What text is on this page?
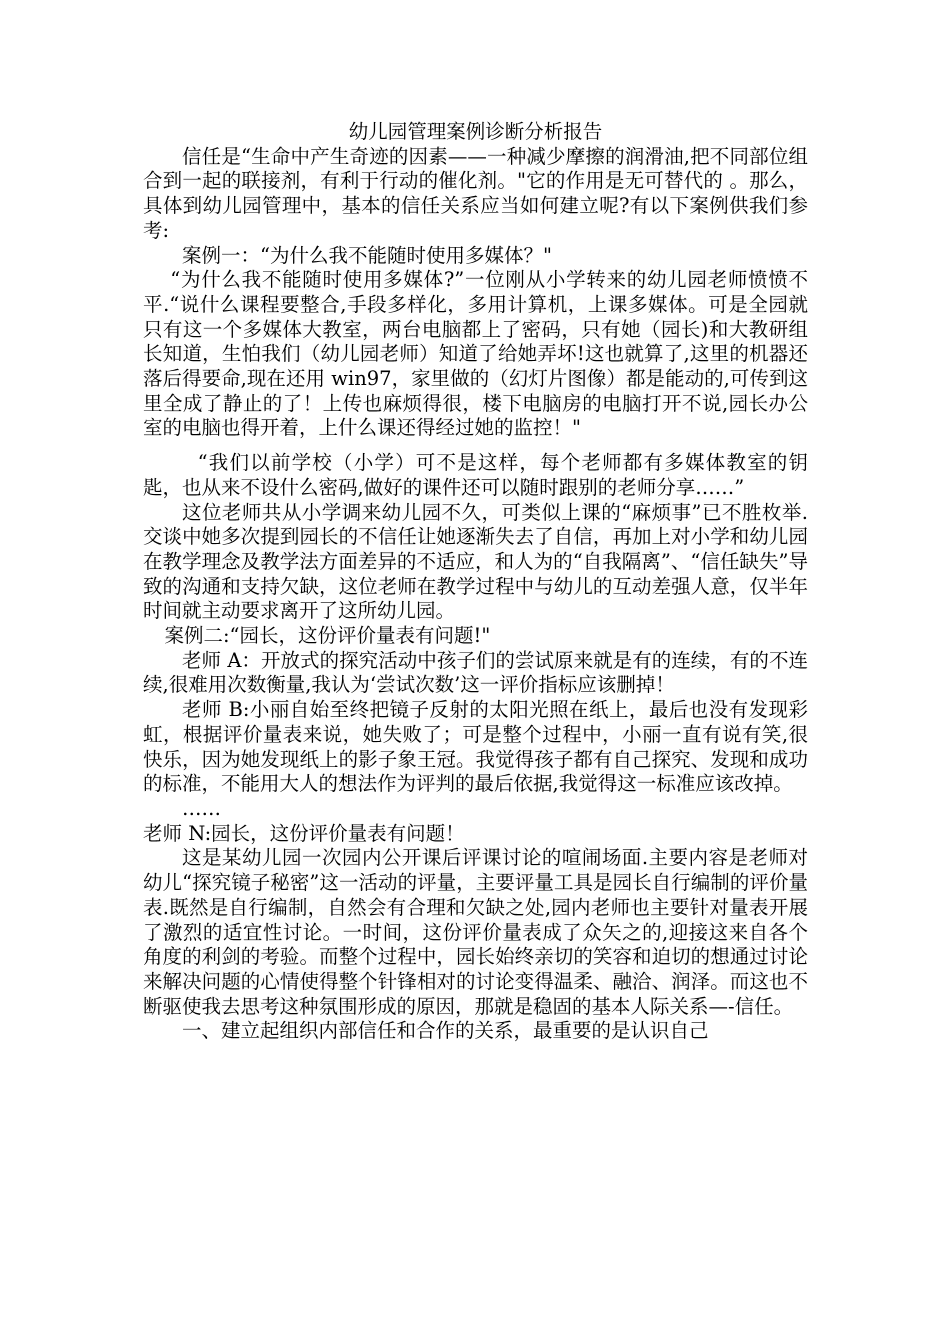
幼儿园管理案例诊断分析报告

信任是“生命中产生奇迹的因素——一种减少摩擦的润滑油,把不同部位组合到一起的联接剂，有利于行动的催化剂。"它的作用是无可替代的 。那么，具体到幼儿园管理中，基本的信任关系应当如何建立呢?有以下案例供我们参考:

案例一：“为什么我不能随时使用多媒体？"

“为什么我不能随时使用多媒体?”一位刚从小学转来的幼儿园老师愤愤不平.“说什么课程要整合,手段多样化，多用计算机，上课多媒体。可是全园就只有这一个多媒体大教室，两台电脑都上了密码，只有她（园长)和大教研组长知道，生怕我们（幼儿园老师）知道了给她弄坏!这也就算了,这里的机器还落后得要命,现在还用 win97，家里做的（幻灯片图像）都是能动的,可传到这里全成了静止的了！上传也麻烦得很，楼下电脑房的电脑打开不说,园长办公室的电脑也得开着，上什么课还得经过她的监控！"

“我们以前学校（小学）可不是这样，每个老师都有多媒体教室的钥匙，也从来不设什么密码,做好的课件还可以随时跟别的老师分享……”

这位老师共从小学调来幼儿园不久，可类似上课的“麻烦事”已不胜枚举.交谈中她多次提到园长的不信任让她逐渐失去了自信，再加上对小学和幼儿园在教学理念及教学法方面差异的不适应，和人为的“自我隔离”、“信任缺失”导致的沟通和支持欠缺，这位老师在教学过程中与幼儿的互动差强人意，仅半年时间就主动要求离开了这所幼儿园。

案例二:“园长，这份评价量表有问题!"

老师 A：开放式的探究活动中孩子们的尝试原来就是有的连续，有的不连续,很难用次数衡量,我认为‘尝试次数’这一评价指标应该删掉！

老师 B:小丽自始至终把镜子反射的太阳光照在纸上，最后也没有发现彩虹，根据评价量表来说，她失败了；可是整个过程中，小丽一直有说有笑,很快乐，因为她发现纸上的影子象王冠。我觉得孩子都有自己探究、发现和成功的标准，不能用大人的想法作为评判的最后依据,我觉得这一标准应该改掉。

……

老师 N:园长，这份评价量表有问题！

这是某幼儿园一次园内公开课后评课讨论的喧闹场面.主要内容是老师对幼儿“探究镜子秘密”这一活动的评量，主要评量工具是园长自行编制的评价量表.既然是自行编制，自然会有合理和欠缺之处,园内老师也主要针对量表开展了激烈的适宜性讨论。一时间，这份评价量表成了众矢之的,迎接这来自各个角度的利剑的考验。而整个过程中，园长始终亲切的笑容和迫切的想通过讨论来解决问题的心情使得整个针锋相对的讨论变得温柔、融洽、润泽。而这也不断驱使我去思考这种氛围形成的原因，那就是稳固的基本人际关系—-信任。

一、建立起组织内部信任和合作的关系，最重要的是认识自己
